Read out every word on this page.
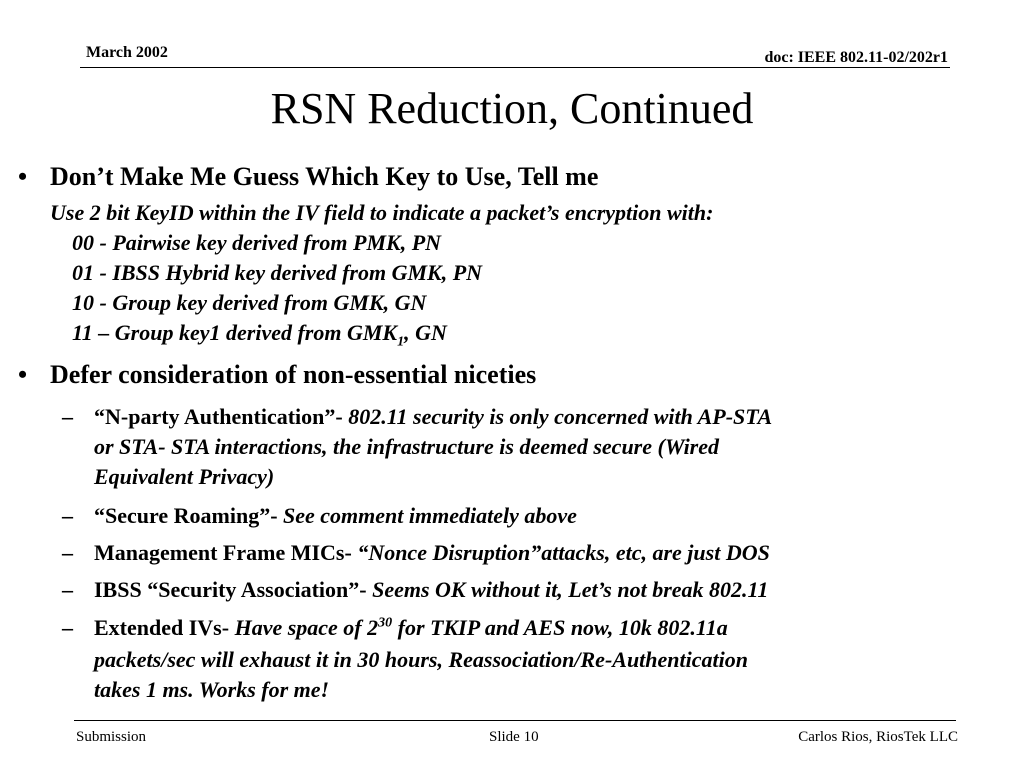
March 2002	doc: IEEE 802.11-02/202r1
RSN Reduction, Continued
• Don’t Make Me Guess Which Key to Use, Tell me
Use 2 bit KeyID within the IV field to indicate a packet’s encryption with:
00 - Pairwise key derived from PMK, PN
01 - IBSS Hybrid key derived from GMK, PN
10 - Group key derived from GMK, GN
11 – Group key1 derived from $GMK_1$, GN
• Defer consideration of non-essential niceties
– “N-party Authentication”- 802.11 security is only concerned with AP-STA
or STA- STA interactions, the infrastructure is deemed secure (Wired
Equivalent Privacy)
– “Secure Roaming”- See comment immediately above
– Management Frame MICs- “Nonce Disruption”attacks, etc, are just DOS
– IBSS “Security Association”- Seems OK without it, Let’s not break 802.11
– Extended IVs- Have space of $2^{30}$ for TKIP and AES now, 10k 802.11a
packets/sec will exhaust it in 30 hours, Reassociation/Re-Authentication
takes 1 ms. Works for me!
Submission	Slide 10	Carlos Rios, RiosTek LLC
